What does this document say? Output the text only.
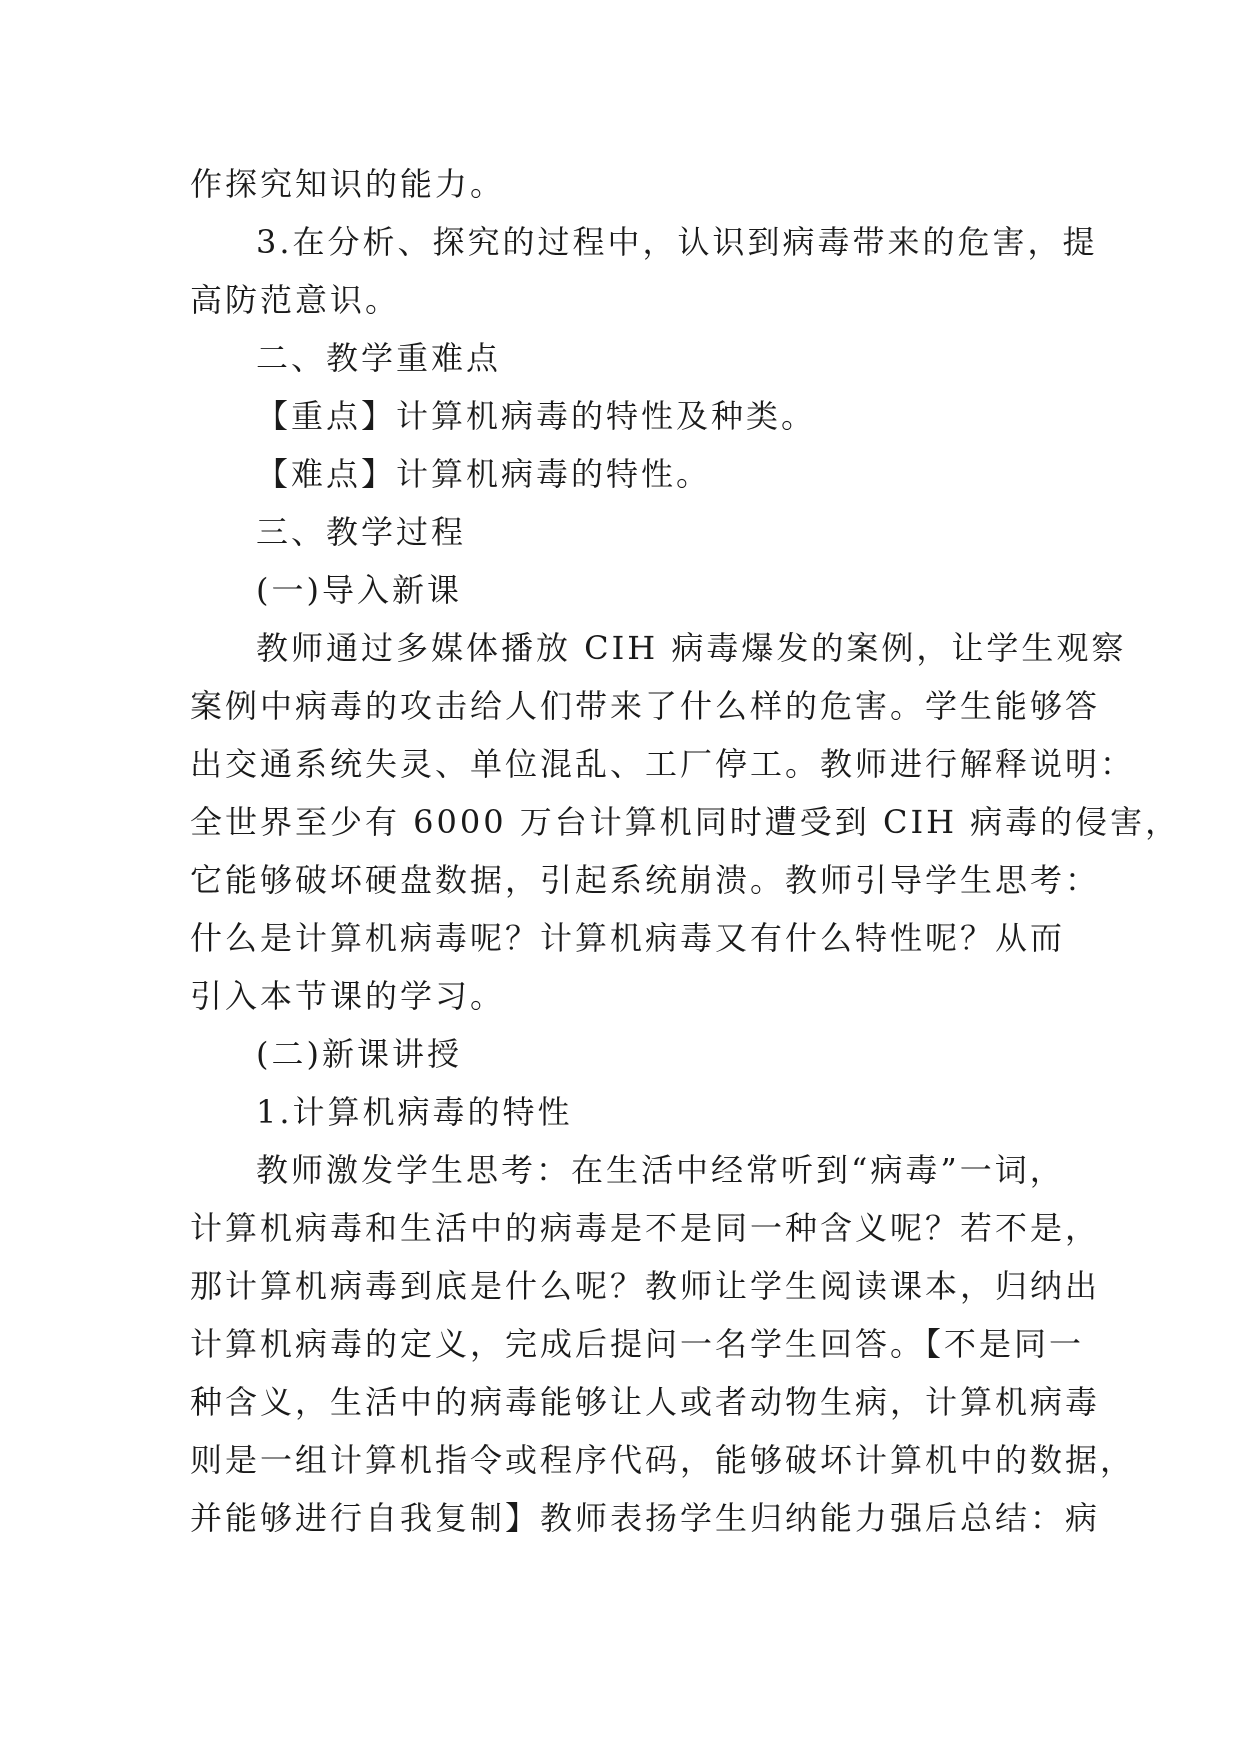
作探究知识的能力。
3.在分析、探究的过程中，认识到病毒带来的危害，提
高防范意识。
二、教学重难点
【重点】计算机病毒的特性及种类。
【难点】计算机病毒的特性。
三、教学过程
(一)导入新课
教师通过多媒体播放 CIH 病毒爆发的案例，让学生观察
案例中病毒的攻击给人们带来了什么样的危害。学生能够答
出交通系统失灵、单位混乱、工厂停工。教师进行解释说明：
全世界至少有 6000 万台计算机同时遭受到 CIH 病毒的侵害，
它能够破坏硬盘数据，引起系统崩溃。教师引导学生思考：
什么是计算机病毒呢？计算机病毒又有什么特性呢？从而
引入本节课的学习。
(二)新课讲授
1.计算机病毒的特性
教师激发学生思考：在生活中经常听到“病毒”一词，
计算机病毒和生活中的病毒是不是同一种含义呢？若不是，
那计算机病毒到底是什么呢？教师让学生阅读课本，归纳出
计算机病毒的定义，完成后提问一名学生回答。【不是同一
种含义，生活中的病毒能够让人或者动物生病，计算机病毒
则是一组计算机指令或程序代码，能够破坏计算机中的数据，
并能够进行自我复制】教师表扬学生归纳能力强后总结：病
